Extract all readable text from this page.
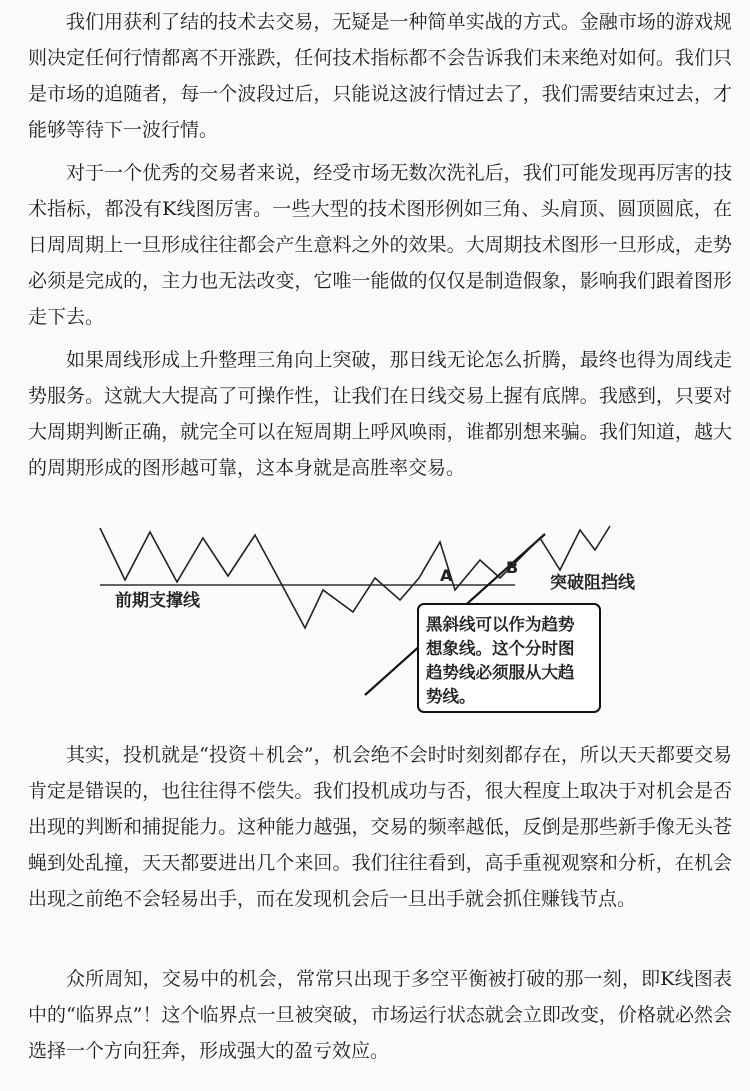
我们用获利了结的技术去交易，无疑是一种简单实战的方式。金融市场的游戏规则决定任何行情都离不开涨跌，任何技术指标都不会告诉我们未来绝对如何。我们只是市场的追随者，每一个波段过后，只能说这波行情过去了，我们需要结束过去，才能够等待下一波行情。

对于一个优秀的交易者来说，经受市场无数次洗礼后，我们可能发现再厉害的技术指标，都没有K线图厉害。一些大型的技术图形例如三角、头肩顶、圆顶圆底，在日周周期上一旦形成往往都会产生意料之外的效果。大周期技术图形一旦形成，走势必须是完成的，主力也无法改变，它唯一能做的仅仅是制造假象，影响我们跟着图形走下去。

如果周线形成上升整理三角向上突破，那日线无论怎么折腾，最终也得为周线走势服务。这就大大提高了可操作性，让我们在日线交易上握有底牌。我感到，只要对大周期判断正确，就完全可以在短周期上呼风唤雨，谁都别想来骗。我们知道，越大的周期形成的图形越可靠，这本身就是高胜率交易。

前期支撑线
突破阻挡线
A	B
黑斜线可以作为趋势
想象线。这个分时图
趋势线必须服从大趋
势线。

其实，投机就是“投资＋机会”，机会绝不会时时刻刻都存在，所以天天都要交易肯定是错误的，也往往得不偿失。我们投机成功与否，很大程度上取决于对机会是否出现的判断和捕捉能力。这种能力越强，交易的频率越低，反倒是那些新手像无头苍蝇到处乱撞，天天都要进出几个来回。我们往往看到，高手重视观察和分析，在机会出现之前绝不会轻易出手，而在发现机会后一旦出手就会抓住赚钱节点。

众所周知，交易中的机会，常常只出现于多空平衡被打破的那一刻，即K线图表中的“临界点”！这个临界点一旦被突破，市场运行状态就会立即改变，价格就必然会选择一个方向狂奔，形成强大的盈亏效应。
